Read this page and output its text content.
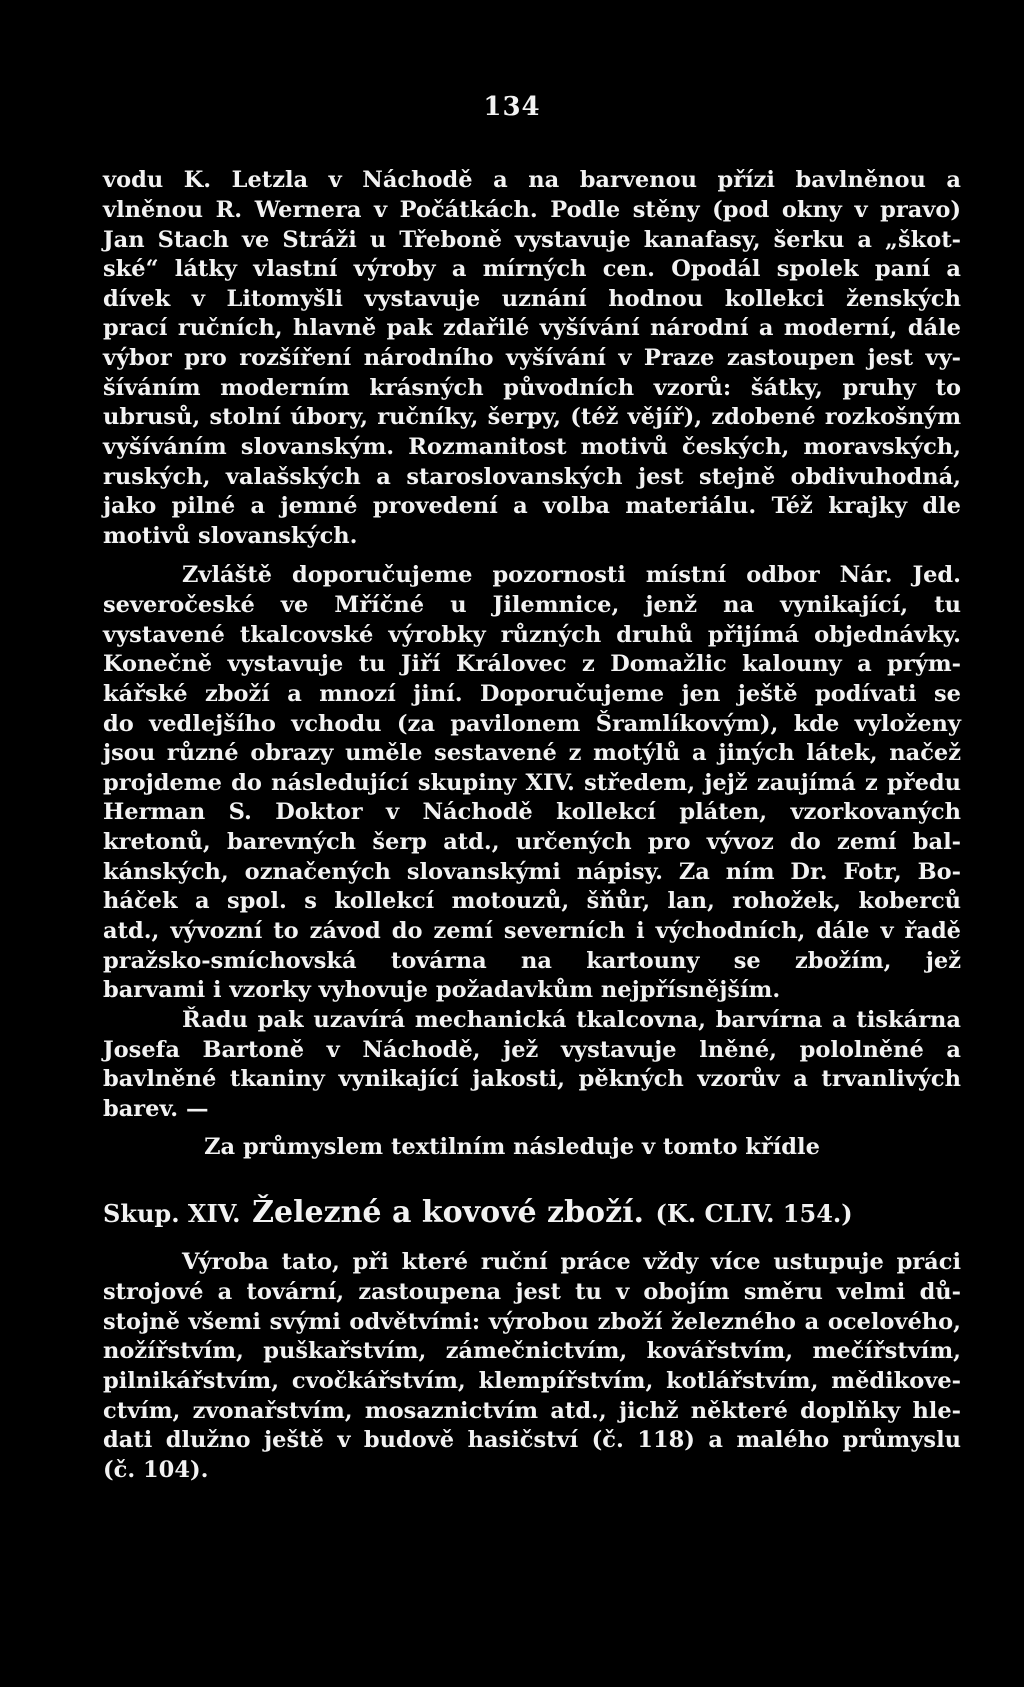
134
vodu K. Letzla v Náchodě a na barvenou přízi bavlněnou a
vlněnou R. Wernera v Počátkách. Podle stěny (pod okny v pravo)
Jan Stach ve Stráži u Třeboně vystavuje kanafasy, šerku a „škot-
ské“ látky vlastní výroby a mírných cen. Opodál spolek paní a
dívek v Litomyšli vystavuje uznání hodnou kollekci ženských
prací ručních, hlavně pak zdařilé vyšívání národní a moderní, dále
výbor pro rozšíření národního vyšívání v Praze zastoupen jest vy-
šíváním moderním krásných původních vzorů: šátky, pruhy to
ubrusů, stolní úbory, ručníky, šerpy, (též vějíř), zdobené rozkošným
vyšíváním slovanským. Rozmanitost motivů českých, moravských,
ruských, valašských a staroslovanských jest stejně obdivuhodná,
jako pilné a jemné provedení a volba materiálu. Též krajky dle
motivů slovanských.
Zvláště doporučujeme pozornosti místní odbor Nár. Jed.
severočeské ve Mříčné u Jilemnice, jenž na vynikající, tu
vystavené tkalcovské výrobky různých druhů přijímá objednávky.
Konečně vystavuje tu Jiří Královec z Domažlic kalouny a prým-
kářské zboží a mnozí jiní. Doporučujeme jen ještě podívati se
do vedlejšího vchodu (za pavilonem Šramlíkovým), kde vyloženy
jsou různé obrazy uměle sestavené z motýlů a jiných látek, načež
projdeme do následující skupiny XIV. středem, jejž zaujímá z předu
Herman S. Doktor v Náchodě kollekcí pláten, vzorkovaných
kretonů, barevných šerp atd., určených pro vývoz do zemí bal-
kánských, označených slovanskými nápisy. Za ním Dr. Fotr, Bo-
háček a spol. s kollekcí motouzů, šňůr, lan, rohožek, koberců
atd., vývozní to závod do zemí severních i východních, dále v řadě
pražsko-smíchovská továrna na kartouny se zbožím, jež
barvami i vzorky vyhovuje požadavkům nejpřísnějším.
Řadu pak uzavírá mechanická tkalcovna, barvírna a tiskárna
Josefa Bartoně v Náchodě, jež vystavuje lněné, pololněné a
bavlněné tkaniny vynikající jakosti, pěkných vzorův a trvanlivých
barev. —
Za průmyslem textilním následuje v tomto křídle
Skup. XIV. Železné a kovové zboží. (K. CLIV. 154.)
Výroba tato, při které ruční práce vždy více ustupuje práci
strojové a tovární, zastoupena jest tu v obojím směru velmi dů-
stojně všemi svými odvětvími: výrobou zboží železného a ocelového,
nožířstvím, puškařstvím, zámečnictvím, kovářstvím, mečířstvím,
pilnikářstvím, cvočkářstvím, klempířstvím, kotlářstvím, mědikove-
ctvím, zvonařstvím, mosaznictvím atd., jichž některé doplňky hle-
dati dlužno ještě v budově hasičství (č. 118) a malého průmyslu
(č. 104).
